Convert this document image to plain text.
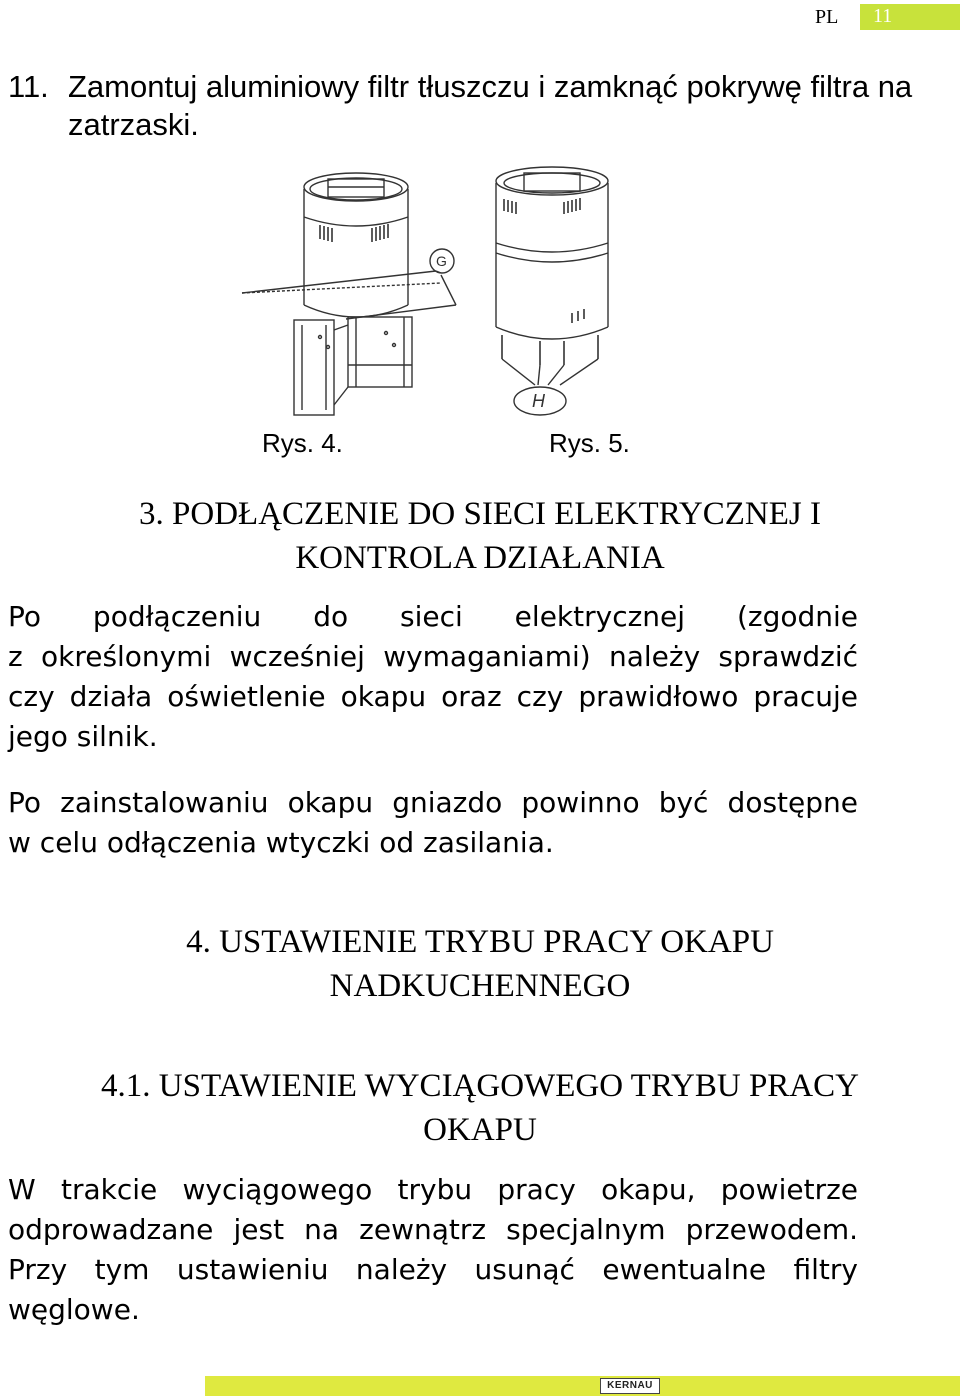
PL 11
11. Zamontuj aluminiowy filtr tłuszczu i zamknąć pokrywę filtra na zatrzaski.
G
H
Rys. 4.	Rys. 5.
3. PODŁĄCZENIE DO SIECI ELEKTRYCZNEJ I
KONTROLA DZIAŁANIA

Po podłączeniu do sieci elektrycznej (zgodnie
z określonymi wcześniej wymaganiami) należy sprawdzić
czy działa oświetlenie okapu oraz czy prawidłowo pracuje
jego silnik.

Po zainstalowaniu okapu gniazdo powinno być dostępne
w celu odłączenia wtyczki od zasilania.

4. USTAWIENIE TRYBU PRACY OKAPU
NADKUCHENNEGO
4.1. USTAWIENIE WYCIĄGOWEGO TRYBU PRACY
OKAPU

W trakcie wyciągowego trybu pracy okapu, powietrze
odprowadzane jest na zewnątrz specjalnym przewodem.
Przy tym ustawieniu należy usunąć ewentualne filtry
węglowe.

KERNAU
